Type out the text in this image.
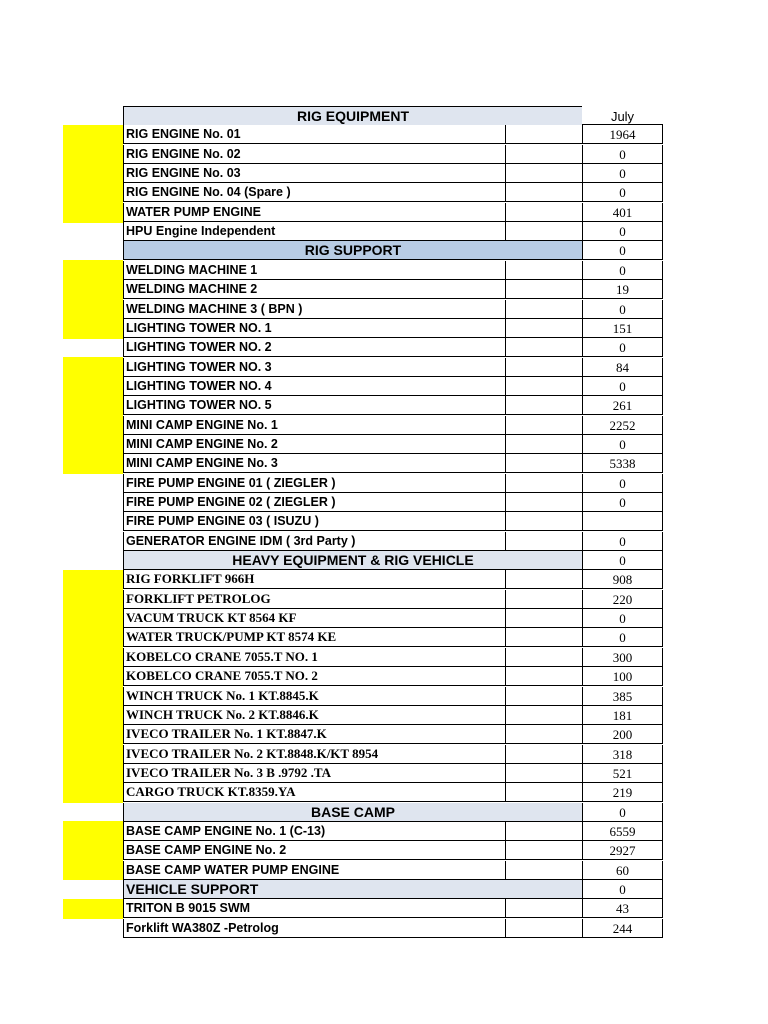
July
RIG EQUIPMENT
RIG ENGINE No. 01	1964
RIG ENGINE No. 02	0
RIG ENGINE No. 03	0
RIG ENGINE No. 04 (Spare )	0
WATER PUMP ENGINE	401
HPU Engine Independent	0
RIG SUPPORT	0
WELDING MACHINE 1	0
WELDING MACHINE 2	19
WELDING MACHINE 3 ( BPN )	0
LIGHTING TOWER NO. 1	151
LIGHTING TOWER NO. 2	0
LIGHTING TOWER NO. 3	84
LIGHTING TOWER NO. 4	0
LIGHTING TOWER NO. 5	261
MINI CAMP ENGINE No. 1	2252
MINI CAMP ENGINE No. 2	0
MINI CAMP ENGINE No. 3	5338
FIRE PUMP ENGINE 01 ( ZIEGLER )	0
FIRE PUMP ENGINE 02 ( ZIEGLER )	0
FIRE PUMP ENGINE 03 ( ISUZU )
GENERATOR ENGINE IDM ( 3rd Party )	0
HEAVY EQUIPMENT & RIG VEHICLE	0
RIG FORKLIFT 966H	908
FORKLIFT PETROLOG	220
VACUM TRUCK KT 8564 KF	0
WATER TRUCK/PUMP KT 8574 KE	0
KOBELCO CRANE 7055.T NO. 1	300
KOBELCO CRANE 7055.T NO. 2	100
WINCH TRUCK No. 1 KT.8845.K	385
WINCH TRUCK No. 2 KT.8846.K	181
IVECO TRAILER No. 1 KT.8847.K	200
IVECO TRAILER No. 2 KT.8848.K/KT 8954	318
IVECO TRAILER No. 3 B .9792 .TA	521
CARGO TRUCK KT.8359.YA	219
BASE CAMP	0
BASE CAMP ENGINE No. 1 (C-13)	6559
BASE CAMP ENGINE No. 2	2927
BASE CAMP WATER PUMP ENGINE	60
VEHICLE SUPPORT	0
TRITON B 9015 SWM	43
Forklift WA380Z -Petrolog	244
